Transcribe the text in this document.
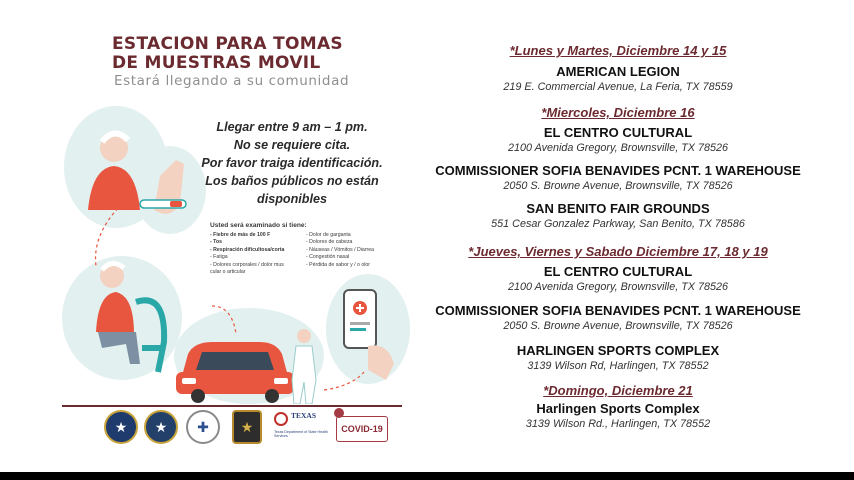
ESTACION PARA TOMAS
DE MUESTRAS MOVIL
Estará llegando a su comunidad
Llegar entre 9 am – 1 pm.
No se requiere cita.
Por favor traiga identificación.
Los baños públicos no están
disponibles
Usted será examinado si tiene:
- Fiebre de más de 100 F	- Dolor de garganta
- Tos	- Dolores de cabeza
- Respiración dificultosa/corta	- Náuseas / Vómitos / Diarrea
- Fatiga	- Congestión nasal
- Dolores corporales / dolor mus	- Pérdida de sabor y / o olor
cular o articular
★	★	✚	★
TEXAS
Texas Department of State Health Services
COVID-19
*Lunes y Martes, Diciembre 14 y 15
AMERICAN LEGION
219 E. Commercial Avenue, La Feria, TX 78559
*Miercoles, Diciembre 16
EL CENTRO CULTURAL
2100 Avenida Gregory, Brownsville, TX 78526
COMMISSIONER SOFIA BENAVIDES PCNT. 1 WAREHOUSE
2050 S. Browne Avenue, Brownsville, TX 78526
SAN BENITO FAIR GROUNDS
551 Cesar Gonzalez Parkway, San Benito, TX 78586
*Jueves, Viernes y Sabado Diciembre 17, 18 y 19
EL CENTRO CULTURAL
2100 Avenida Gregory, Brownsville, TX 78526
COMMISSIONER SOFIA BENAVIDES PCNT. 1 WAREHOUSE
2050 S. Browne Avenue, Brownsville, TX 78526
HARLINGEN SPORTS COMPLEX
3139 Wilson Rd, Harlingen, TX 78552
*Domingo, Diciembre 21
Harlingen Sports Complex
3139 Wilson Rd., Harlingen, TX 78552
